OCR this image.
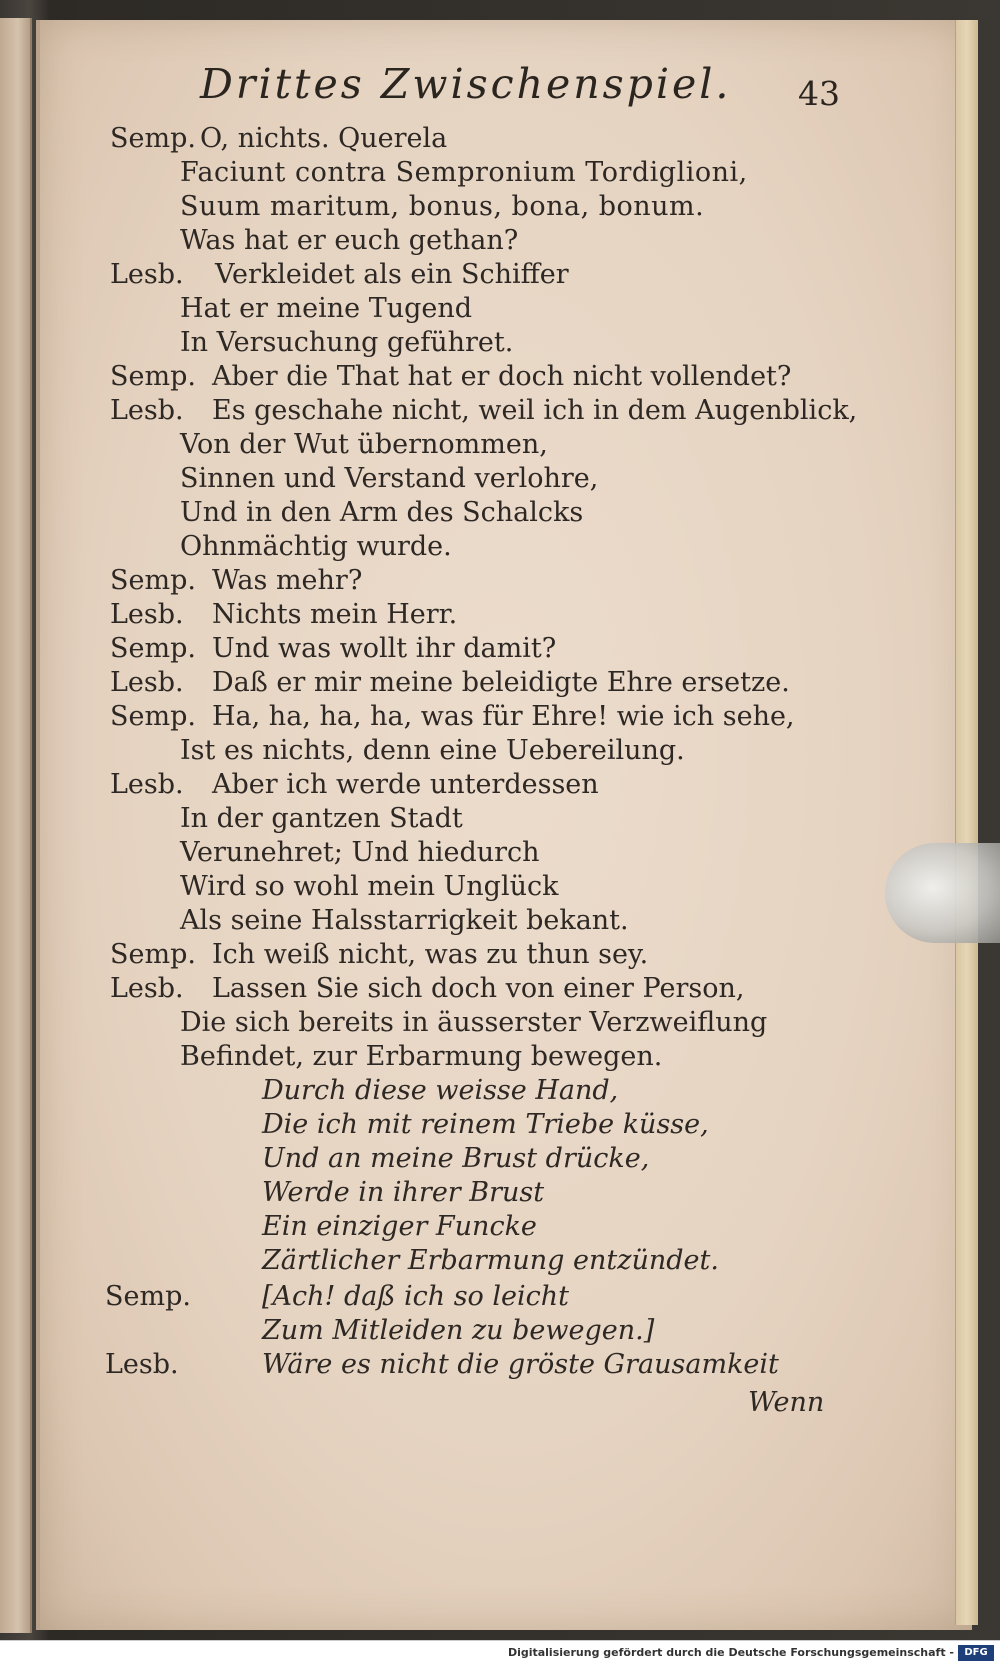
Drittes Zwischenspiel. 43
Semp. O, nichts. Querela
Faciunt contra Sempronium Tordiglioni,
Suum maritum, bonus, bona, bonum.
Was hat er euch gethan?
Lesb. Verkleidet als ein Schiffer
Hat er meine Tugend
In Versuchung geführet.
Semp. Aber die That hat er doch nicht vollendet?
Lesb. Es geschahe nicht, weil ich in dem Augenblick,
Von der Wut übernommen,
Sinnen und Verstand verlohre,
Und in den Arm des Schalcks
Ohnmächtig wurde.
Semp. Was mehr?
Lesb. Nichts mein Herr.
Semp. Und was wollt ihr damit?
Lesb. Daß er mir meine beleidigte Ehre ersetze.
Semp. Ha, ha, ha, ha, was für Ehre! wie ich sehe,
Ist es nichts, denn eine Uebereilung.
Lesb. Aber ich werde unterdessen
In der gantzen Stadt
Verunehret; Und hiedurch
Wird so wohl mein Unglück
Als seine Halsstarrigkeit bekant.
Semp. Ich weiß nicht, was zu thun sey.
Lesb. Lassen Sie sich doch von einer Person,
Die sich bereits in äusserster Verzweiflung
Befindet, zur Erbarmung bewegen.
Durch diese weisse Hand,
Die ich mit reinem Triebe küsse,
Und an meine Brust drücke,
Werde in ihrer Brust
Ein einziger Funcke
Zärtlicher Erbarmung entzündet.
Semp.	[Ach! daß ich so leicht
Zum Mitleiden zu bewegen.]
Lesb.	Wäre es nicht die gröste Grausamkeit
Wenn
Digitalisierung gefördert durch die Deutsche Forschungsgemeinschaft -	DFG
